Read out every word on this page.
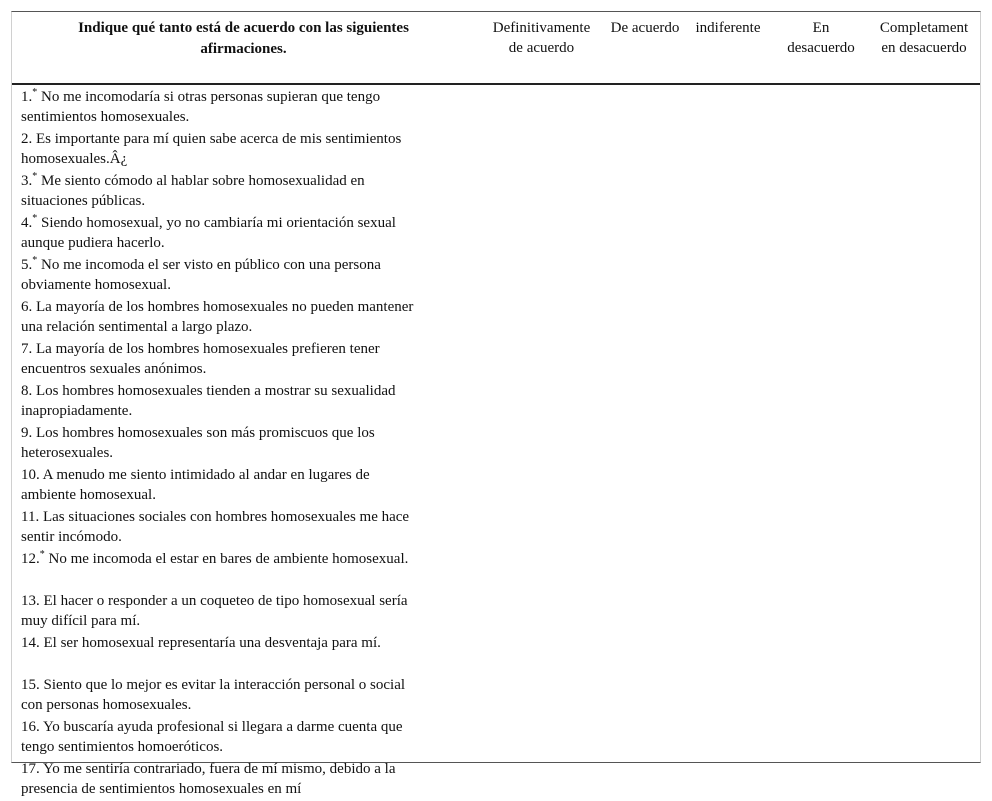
Indique qué tanto está de acuerdo con las siguientes afirmaciones.
Definitivamente de acuerdo
De acuerdo	indiferente	En desacuerdo
Completament en desacuerdo
1.* No me incomodaría si otras personas supieran que tengo
sentimientos homosexuales.
2. Es importante para mí quien sabe acerca de mis sentimientos
homosexuales.Â¿
3.* Me siento cómodo al hablar sobre homosexualidad en
situaciones públicas.
4.* Siendo homosexual, yo no cambiaría mi orientación sexual
aunque pudiera hacerlo.
5.* No me incomoda el ser visto en público con una persona
obviamente homosexual.
6. La mayoría de los hombres homosexuales no pueden mantener
una relación sentimental a largo plazo.
7. La mayoría de los hombres homosexuales prefieren tener
encuentros sexuales anónimos.
8. Los hombres homosexuales tienden a mostrar su sexualidad
inapropiadamente.
9. Los hombres homosexuales son más promiscuos que los
heterosexuales.
10. A menudo me siento intimidado al andar en lugares de
ambiente homosexual.
11. Las situaciones sociales con hombres homosexuales me hace
sentir incómodo.
12.* No me incomoda el estar en bares de ambiente homosexual.

13. El hacer o responder a un coqueteo de tipo homosexual sería
muy difícil para mí.
14. El ser homosexual representaría una desventaja para mí.

15. Siento que lo mejor es evitar la interacción personal o social
con personas homosexuales.
16. Yo buscaría ayuda profesional si llegara a darme cuenta que
tengo sentimientos homoeróticos.
17. Yo me sentiría contrariado, fuera de mí mismo, debido a la
presencia de sentimientos homosexuales en mí
